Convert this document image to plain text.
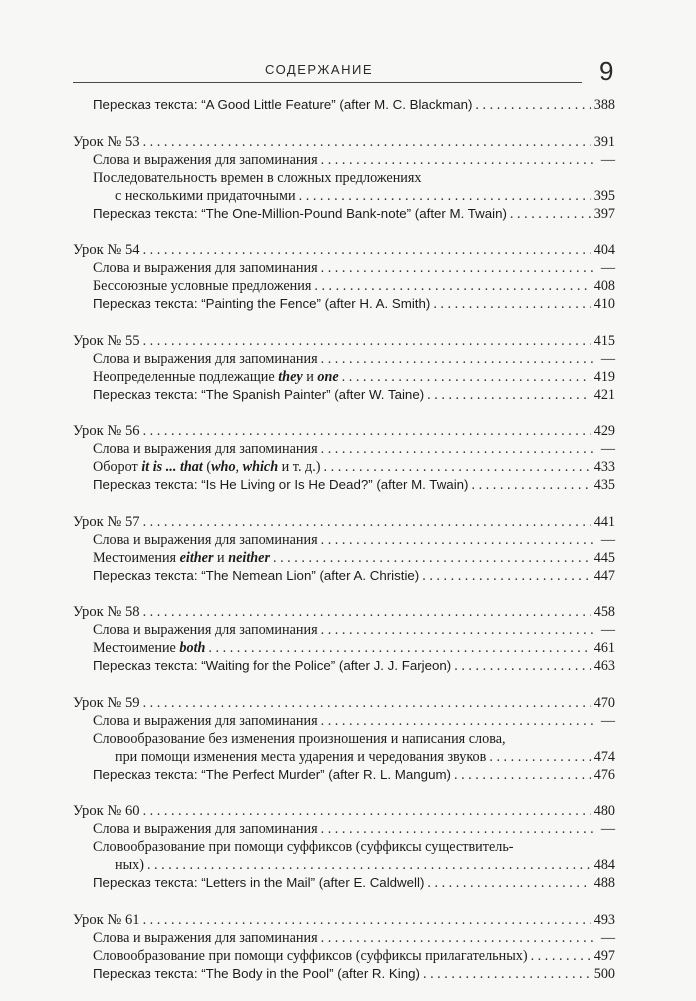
СОДЕРЖАНИЕ	9
Пересказ текста: “A Good Little Feature” (after M. C. Blackman) . . .	388
Урок № 53 . . .	391
Слова и выражения для запоминания . . .	—
Последовательность времен в сложных предложениях
с несколькими придаточными . . .	395
Пересказ текста: “The One-Million-Pound Bank-note” (after M. Twain) . . .	397
Урок № 54 . . .	404
Слова и выражения для запоминания . . .	—
Бессоюзные условные предложения . . .	408
Пересказ текста: “Painting the Fence” (after H. A. Smith) . . .	410
Урок № 55 . . .	415
Слова и выражения для запоминания . . .	—
Неопределенные подлежащие they и one . . .	419
Пересказ текста: “The Spanish Painter” (after W. Taine) . . .	421
Урок № 56 . . .	429
Слова и выражения для запоминания . . .	—
Оборот it is ... that (who, which и т. д.) . . .	433
Пересказ текста: “Is He Living or Is He Dead?” (after M. Twain) . . .	435
Урок № 57 . . .	441
Слова и выражения для запоминания . . .	—
Местоимения either и neither . . .	445
Пересказ текста: “The Nemean Lion” (after A. Christie) . . .	447
Урок № 58 . . .	458
Слова и выражения для запоминания . . .	—
Местоимение both . . .	461
Пересказ текста: “Waiting for the Police” (after J. J. Farjeon) . . .	463
Урок № 59 . . .	470
Слова и выражения для запоминания . . .	—
Словообразование без изменения произношения и написания слова,
при помощи изменения места ударения и чередования звуков . . .	474
Пересказ текста: “The Perfect Murder” (after R. L. Mangum) . . .	476
Урок № 60 . . .	480
Слова и выражения для запоминания . . .	—
Словообразование при помощи суффиксов (суффиксы существитель-
ных) . . .	484
Пересказ текста: “Letters in the Mail” (after E. Caldwell) . . .	488
Урок № 61 . . .	493
Слова и выражения для запоминания . . .	—
Словообразование при помощи суффиксов (суффиксы прилагательных) . . .	497
Пересказ текста: “The Body in the Pool” (after R. King) . . .	500
